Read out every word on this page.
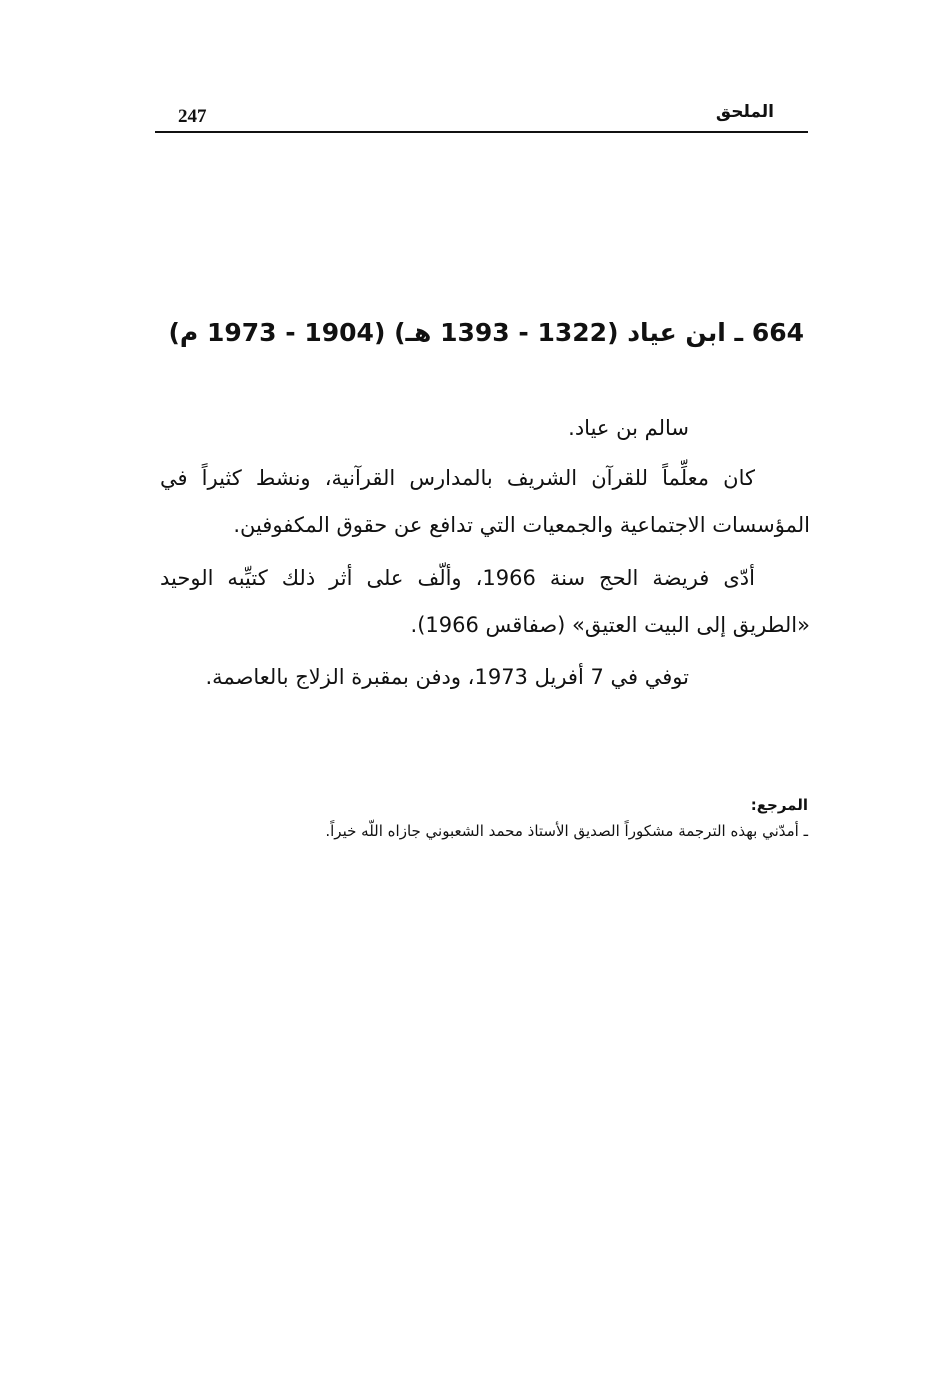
247	الملحق
664 ـ ابن عياد (1322 - 1393 هـ) (1904 - 1973 م)

سالم بن عياد.

كان معلِّماً للقرآن الشريف بالمدارس القرآنية، ونشط كثيراً في المؤسسات الاجتماعية والجمعيات التي تدافع عن حقوق المكفوفين.

أدّى فريضة الحج سنة 1966، وألّف على أثر ذلك كتيِّبه الوحيد «الطريق إلى البيت العتيق» (صفاقس 1966).

توفي في 7 أفريل 1973، ودفن بمقبرة الزلاج بالعاصمة.

المرجع:
ـ أمدّني بهذه الترجمة مشكوراً الصديق الأستاذ محمد الشعبوني جازاه اللّه خيراً.
